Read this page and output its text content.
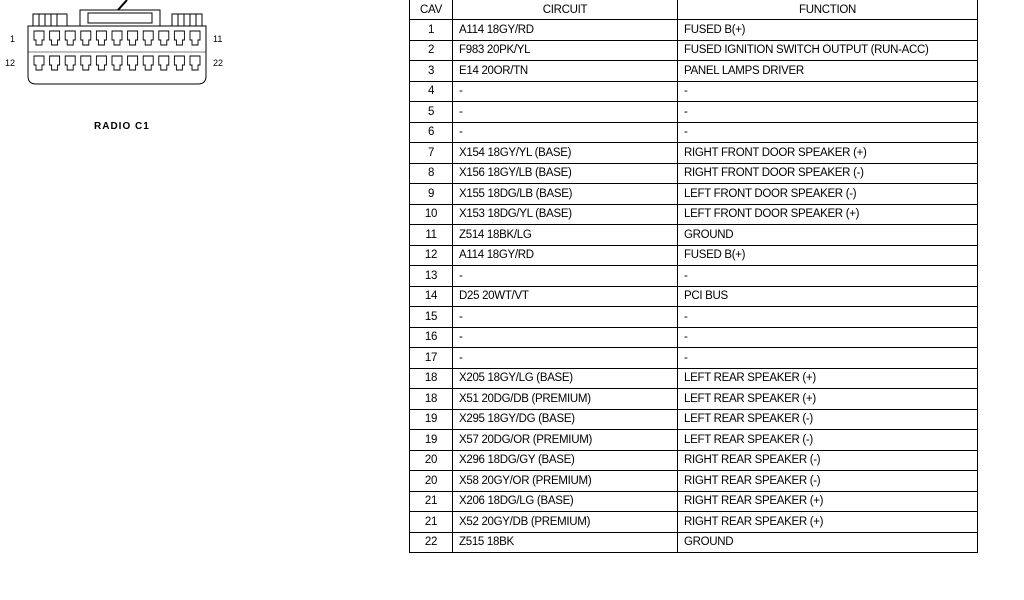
1	11
12	22
RADIO C1
CAV	CIRCUIT	FUNCTION
1	A114 18GY/RD	FUSED B(+)
2	F983 20PK/YL	FUSED IGNITION SWITCH OUTPUT (RUN-ACC)
3	E14 20OR/TN	PANEL LAMPS DRIVER
4	-	-
5	-	-
6	-	-
7	X154 18GY/YL (BASE)	RIGHT FRONT DOOR SPEAKER (+)
8	X156 18GY/LB (BASE)	RIGHT FRONT DOOR SPEAKER (-)
9	X155 18DG/LB (BASE)	LEFT FRONT DOOR SPEAKER (-)
10	X153 18DG/YL (BASE)	LEFT FRONT DOOR SPEAKER (+)
11	Z514 18BK/LG	GROUND
12	A114 18GY/RD	FUSED B(+)
13	-	-
14	D25 20WT/VT	PCI BUS
15	-	-
16	-	-
17	-	-
18	X205 18GY/LG (BASE)	LEFT REAR SPEAKER (+)
18	X51 20DG/DB (PREMIUM)	LEFT REAR SPEAKER (+)
19	X295 18GY/DG (BASE)	LEFT REAR SPEAKER (-)
19	X57 20DG/OR (PREMIUM)	LEFT REAR SPEAKER (-)
20	X296 18DG/GY (BASE)	RIGHT REAR SPEAKER (-)
20	X58 20GY/OR (PREMIUM)	RIGHT REAR SPEAKER (-)
21	X206 18DG/LG (BASE)	RIGHT REAR SPEAKER (+)
21	X52 20GY/DB (PREMIUM)	RIGHT REAR SPEAKER (+)
22	Z515 18BK	GROUND
